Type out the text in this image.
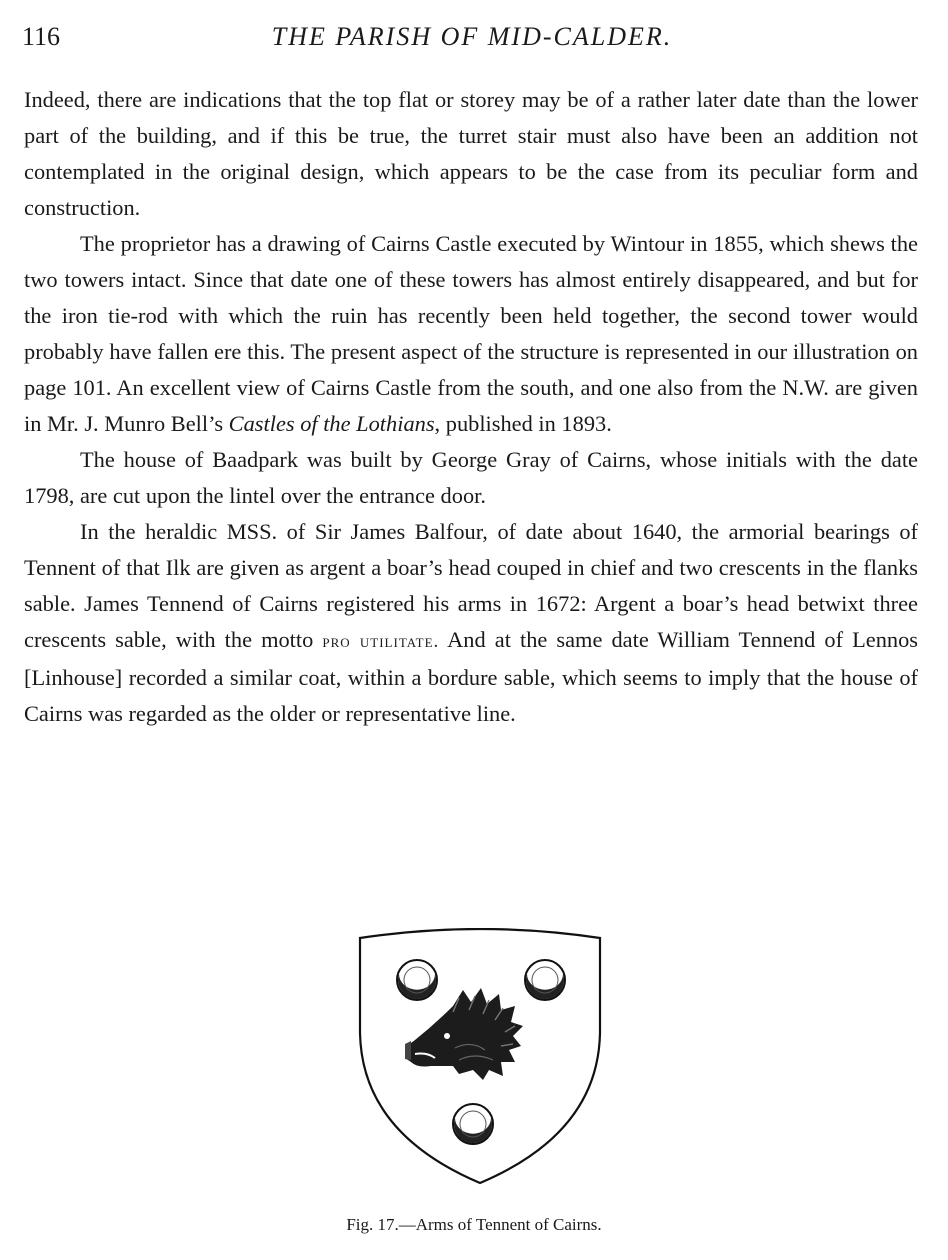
116	THE PARISH OF MID-CALDER.

Indeed, there are indications that the top flat or storey may be of a rather later date than the lower part of the building, and if this be true, the turret stair must also have been an addition not contemplated in the original design, which appears to be the case from its peculiar form and construction.

The proprietor has a drawing of Cairns Castle executed by Wintour in 1855, which shews the two towers intact. Since that date one of these towers has almost entirely disappeared, and but for the iron tie-rod with which the ruin has recently been held together, the second tower would probably have fallen ere this. The present aspect of the structure is represented in our illustration on page 101. An excellent view of Cairns Castle from the south, and one also from the N.W. are given in Mr. J. Munro Bell’s Castles of the Lothians, published in 1893.

The house of Baadpark was built by George Gray of Cairns, whose initials with the date 1798, are cut upon the lintel over the entrance door.

In the heraldic MSS. of Sir James Balfour, of date about 1640, the armorial bearings of Tennent of that Ilk are given as argent a boar’s head couped in chief and two crescents in the flanks sable. James Tennend of Cairns registered his arms in 1672: Argent a boar’s head betwixt three crescents sable, with the motto pro utilitate. And at the same date William Tennend of Lennos [Linhouse] recorded a similar coat, within a bordure sable, which seems to imply that the house of Cairns was regarded as the older or representative line.

Fig. 17.—Arms of Tennent of Cairns.
